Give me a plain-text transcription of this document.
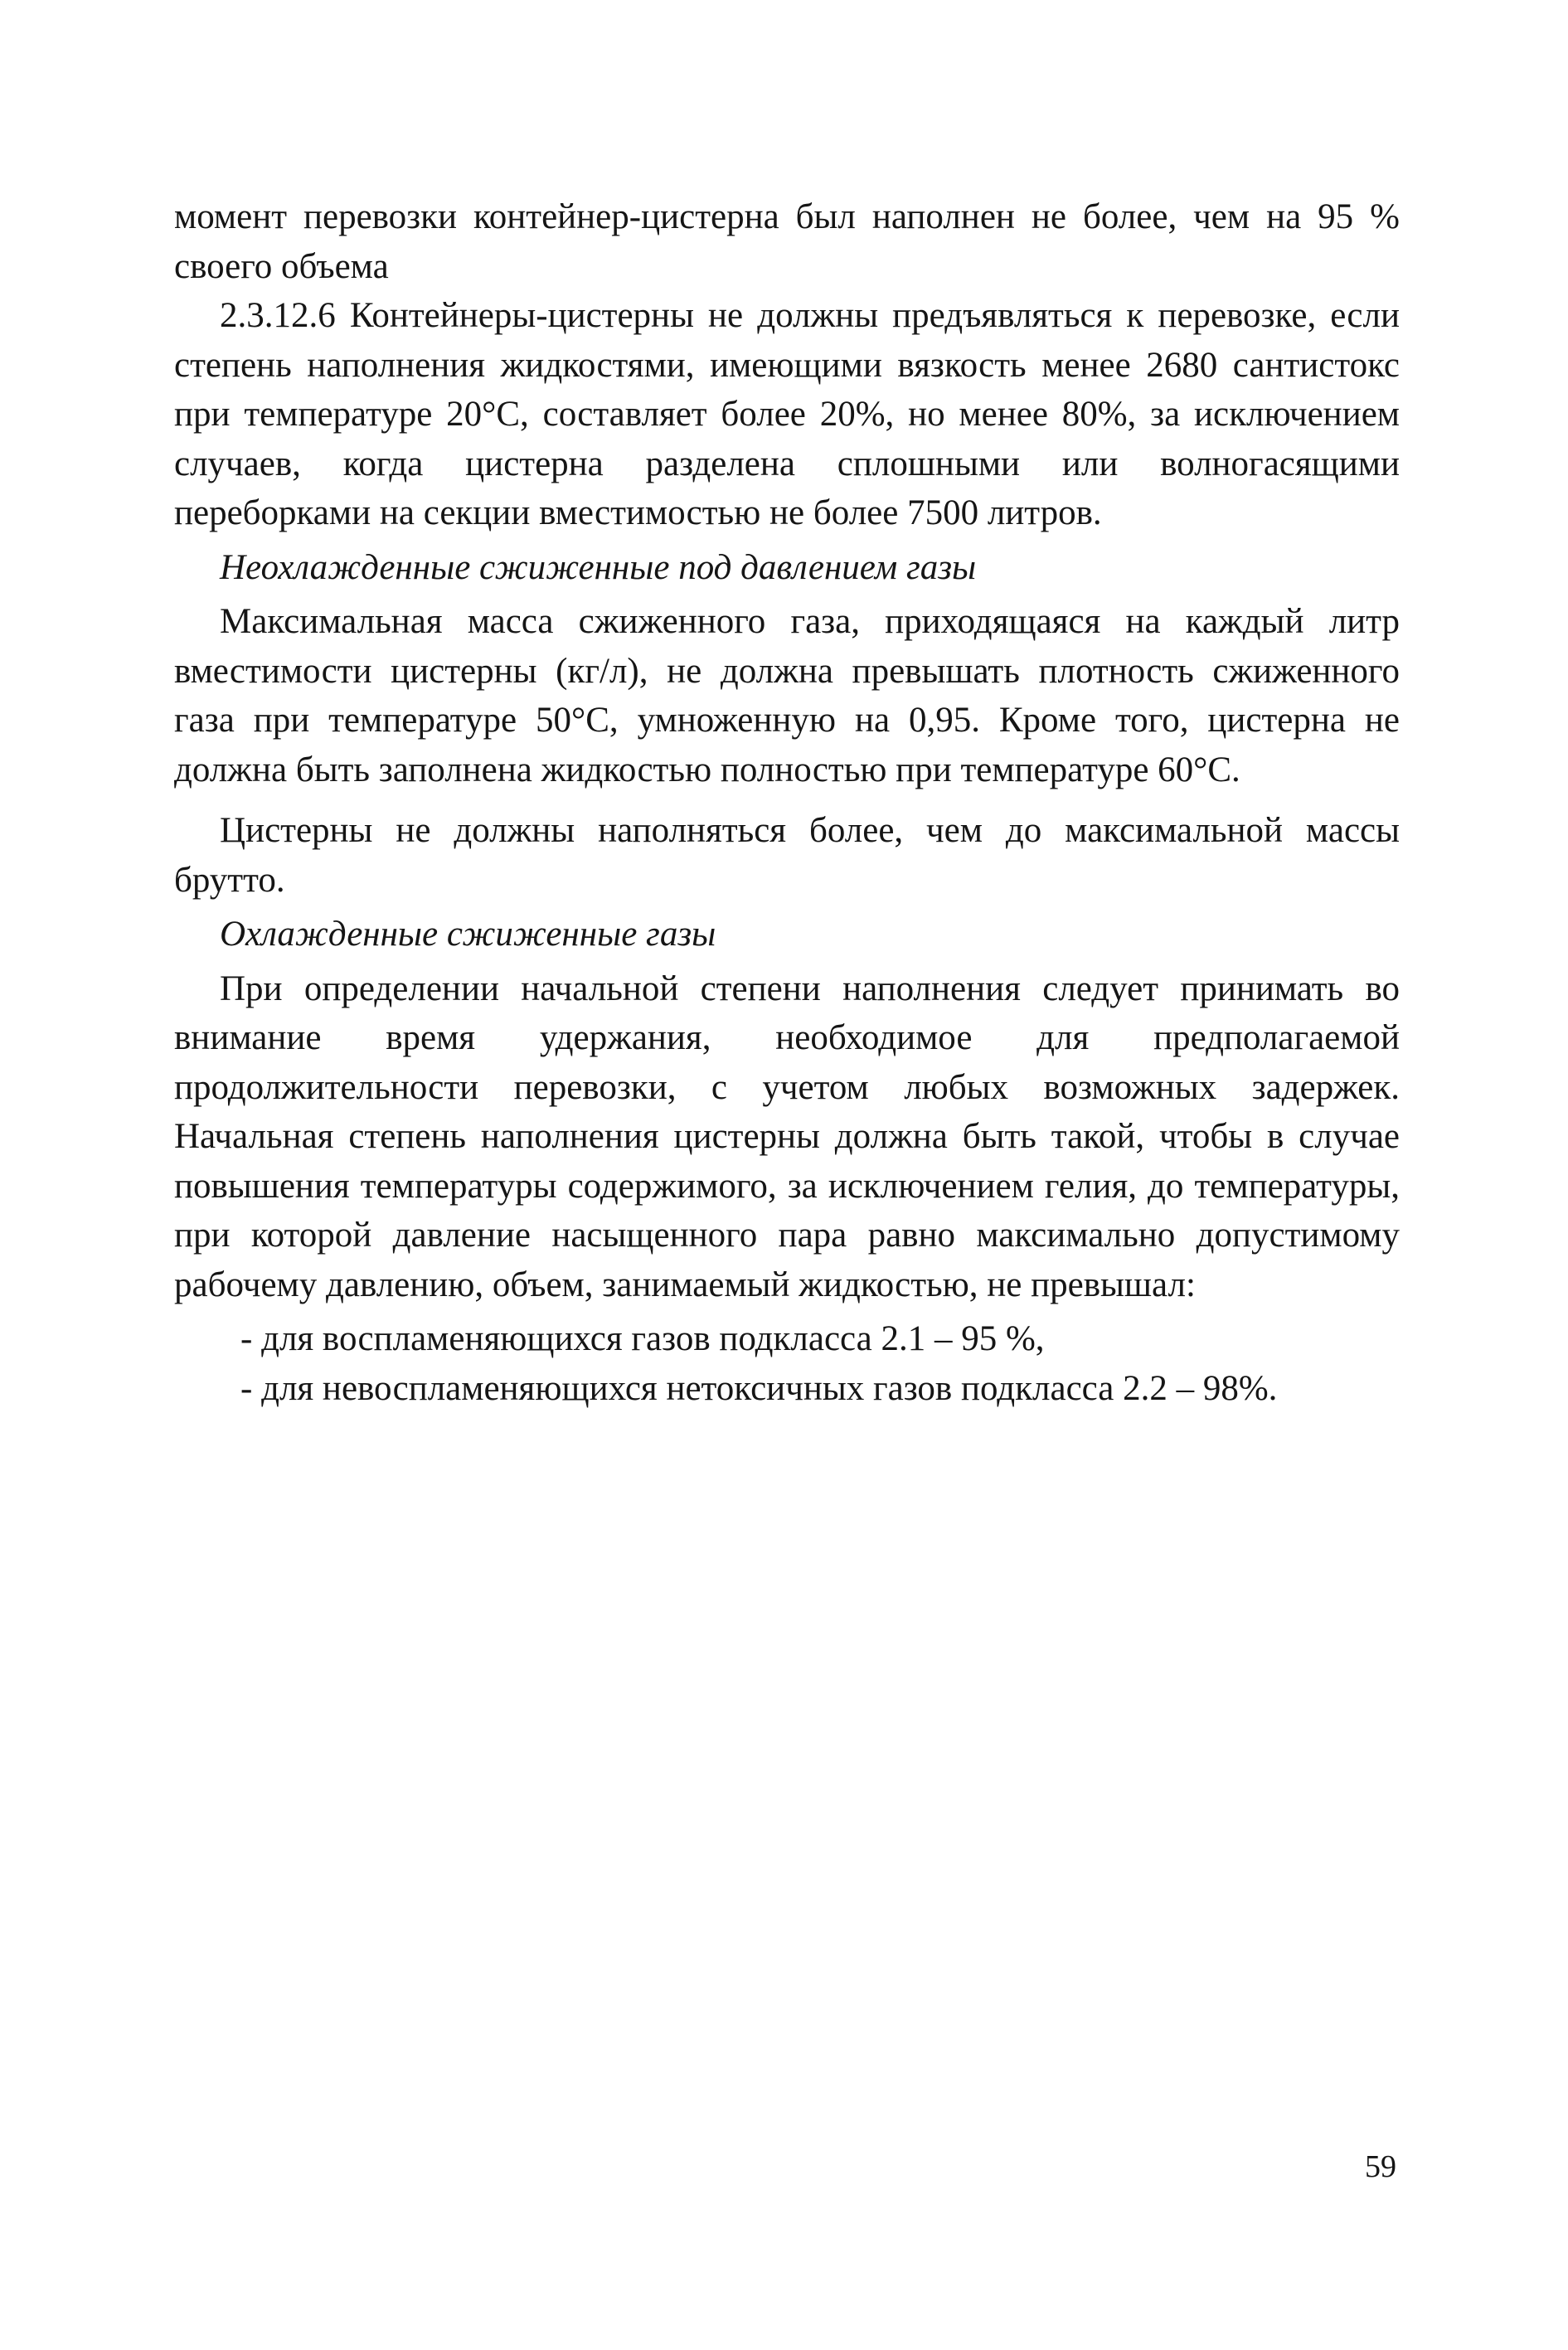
момент перевозки контейнер-цистерна был наполнен не более, чем на 95 % своего объема

2.3.12.6 Контейнеры-цистерны не должны предъявляться к перевозке, если степень наполнения жидкостями, имеющими вязкость менее 2680 сантистокс при температуре 20°С, составляет более 20%, но менее 80%, за исключением случаев, когда цистерна разделена сплошными или волногасящими переборками на секции вместимостью не более 7500 литров.

Неохлажденные сжиженные под давлением газы

Максимальная масса сжиженного газа, приходящаяся на каждый литр вместимости цистерны (кг/л), не должна превышать плотность сжиженного газа при температуре 50°С, умноженную на 0,95. Кроме того, цистерна не должна быть заполнена жидкостью полностью при температуре 60°С.

Цистерны не должны наполняться более, чем до максимальной массы брутто.

Охлажденные сжиженные газы

При определении начальной степени наполнения следует принимать во внимание время удержания, необходимое для предполагаемой продолжительности перевозки, с учетом любых возможных задержек. Начальная степень наполнения цистерны должна быть такой, чтобы в случае повышения температуры содержимого, за исключением гелия, до температуры, при которой давление насыщенного пара равно максимально допустимому рабочему давлению, объем, занимаемый жидкостью, не превышал:

- для воспламеняющихся газов подкласса 2.1 – 95 %,

- для невоспламеняющихся нетоксичных газов подкласса 2.2 – 98%.

59
